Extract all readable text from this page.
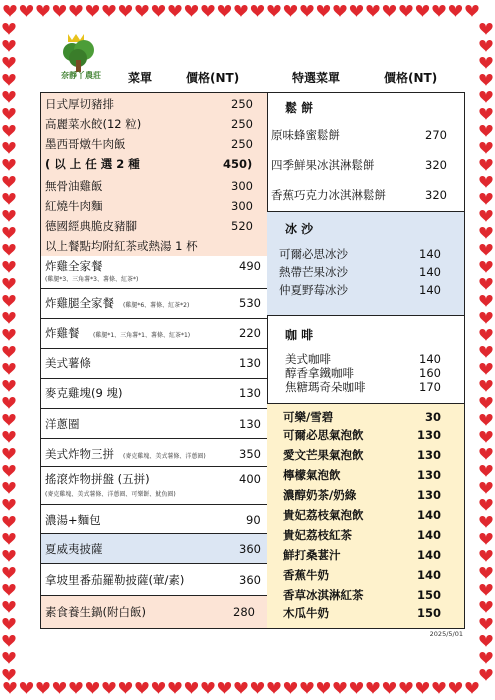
奈靜丫農莊	菜單	價格(NT)	特選菜單	價格(NT)
日式厚切豬排	250
高麗菜水餃(12 粒)	250
墨西哥燉牛肉飯	250
( 以 上 任 選 2 種	450)
無骨油雞飯	300
紅燒牛肉麵	300
德國經典脆皮豬腳	520
以上餐點均附紅茶或熱湯 1 杯
炸雞全家餐	490
(雞腿*3、三角薯*3、薯條、紅茶*)
炸雞腿全家餐 (雞腿*6、薯條、紅茶*2)	530
炸雞餐 (雞腿*1、三角薯*1、薯條、紅茶*1)	220
美式薯條	130
麥克雞塊(9 塊)	130
洋蔥圈	130
美式炸物三拼 (麥克雞塊、美式薯條、洋蔥圈)	350
搖滾炸物拼盤 (五拼)	400
(麥克雞塊、美式薯條、洋蔥圈、可樂餅、魷魚圈)
濃湯+麵包	90
夏威夷披薩	360
拿坡里番茄羅勒披薩(葷/素)	360
素食養生鍋(附白飯)	280
鬆 餅
原味蜂蜜鬆餅	270
四季鮮果冰淇淋鬆餅	320
香蕉巧克力冰淇淋鬆餅	320
冰 沙
可爾必思冰沙	140
熱帶芒果冰沙	140
仲夏野莓冰沙	140
咖 啡
美式咖啡	140
醇香拿鐵咖啡	160
焦糖瑪奇朵咖啡	170
可樂/雪碧	30
可爾必思氣泡飲	130
愛文芒果氣泡飲	130
檸檬氣泡飲	130
濃醇奶茶/奶綠	130
貴妃荔枝氣泡飲	140
貴妃荔枝紅茶	140
鮮打桑葚汁	140
香蕉牛奶	140
香草冰淇淋紅茶	150
木瓜牛奶	150
2025/5/01
